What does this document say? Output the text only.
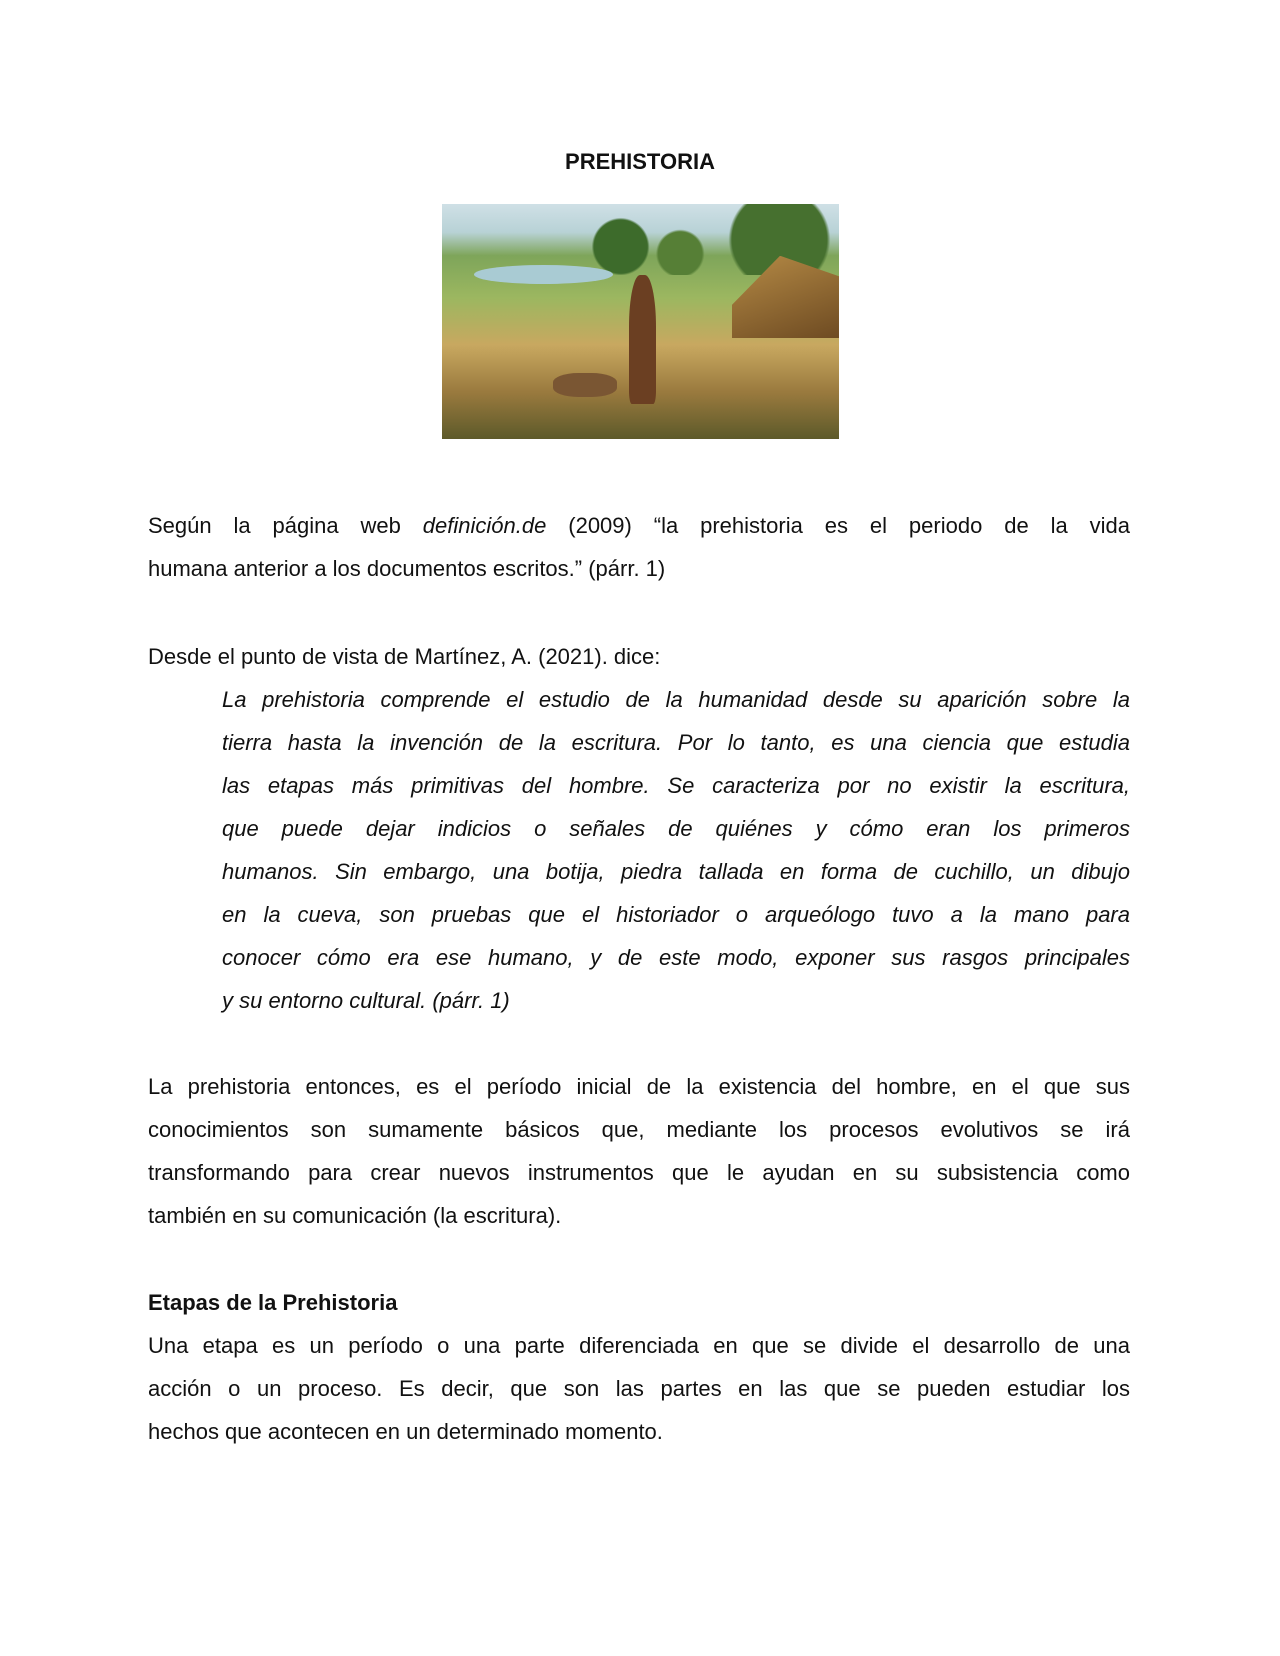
PREHISTORIA
Según la página web definición.de (2009) “la prehistoria es el periodo de la vida
humana anterior a los documentos escritos.” (párr. 1)
Desde el punto de vista de Martínez, A. (2021). dice:
La prehistoria comprende el estudio de la humanidad desde su aparición sobre la
tierra hasta la invención de la escritura. Por lo tanto, es una ciencia que estudia
las etapas más primitivas del hombre. Se caracteriza por no existir la escritura,
que puede dejar indicios o señales de quiénes y cómo eran los primeros
humanos. Sin embargo, una botija, piedra tallada en forma de cuchillo, un dibujo
en la cueva, son pruebas que el historiador o arqueólogo tuvo a la mano para
conocer cómo era ese humano, y de este modo, exponer sus rasgos principales
y su entorno cultural. (párr. 1)
La prehistoria entonces, es el período inicial de la existencia del hombre, en el que sus
conocimientos son sumamente básicos que, mediante los procesos evolutivos se irá
transformando para crear nuevos instrumentos que le ayudan en su subsistencia como
también en su comunicación (la escritura).
Etapas de la Prehistoria
Una etapa es un período o una parte diferenciada en que se divide el desarrollo de una
acción o un proceso. Es decir, que son las partes en las que se pueden estudiar los
hechos que acontecen en un determinado momento.
